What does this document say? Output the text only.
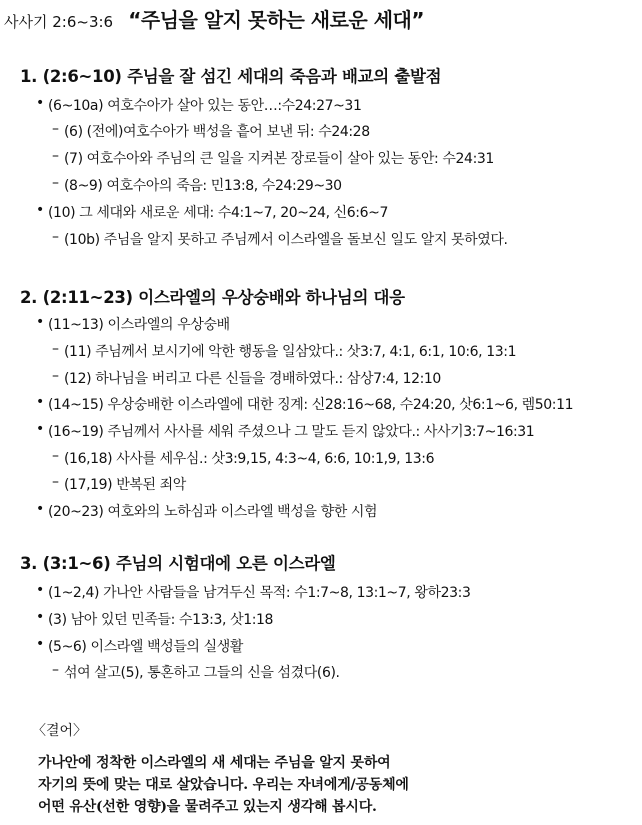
사사기 2:6~3:6 “주님을 알지 못하는 새로운 세대”
1. (2:6~10) 주님을 잘 섬긴 세대의 죽음과 배교의 출발점
• (6~10a) 여호수아가 살아 있는 동안…:수24:27~31
– (6) (전에)여호수아가 백성을 흩어 보낸 뒤: 수24:28
– (7) 여호수아와 주님의 큰 일을 지켜본 장로들이 살아 있는 동안: 수24:31
– (8~9) 여호수아의 죽음: 민13:8, 수24:29~30
• (10) 그 세대와 새로운 세대: 수4:1~7, 20~24, 신6:6~7
– (10b) 주님을 알지 못하고 주님께서 이스라엘을 돌보신 일도 알지 못하였다.
2. (2:11~23) 이스라엘의 우상숭배와 하나님의 대응
• (11~13) 이스라엘의 우상숭배
– (11) 주님께서 보시기에 악한 행동을 일삼았다.: 삿3:7, 4:1, 6:1, 10:6, 13:1
– (12) 하나님을 버리고 다른 신들을 경배하였다.: 삼상7:4, 12:10
• (14~15) 우상숭배한 이스라엘에 대한 징계: 신28:16~68, 수24:20, 삿6:1~6, 렘50:11
• (16~19) 주님께서 사사를 세워 주셨으나 그 말도 듣지 않았다.: 사사기3:7~16:31
– (16,18) 사사를 세우심.: 삿3:9,15, 4:3~4, 6:6, 10:1,9, 13:6
– (17,19) 반복된 죄악
• (20~23) 여호와의 노하심과 이스라엘 백성을 향한 시험
3. (3:1~6) 주님의 시험대에 오른 이스라엘
• (1~2,4) 가나안 사람들을 남겨두신 목적: 수1:7~8, 13:1~7, 왕하23:3
• (3) 남아 있던 민족들: 수13:3, 삿1:18
• (5~6) 이스라엘 백성들의 실생활
– 섞여 살고(5), 통혼하고 그들의 신을 섬겼다(6).
〈결어〉
가나안에 정착한 이스라엘의 새 세대는 주님을 알지 못하여
자기의 뜻에 맞는 대로 살았습니다. 우리는 자녀에게/공동체에
어떤 유산(선한 영향)을 물려주고 있는지 생각해 봅시다.
